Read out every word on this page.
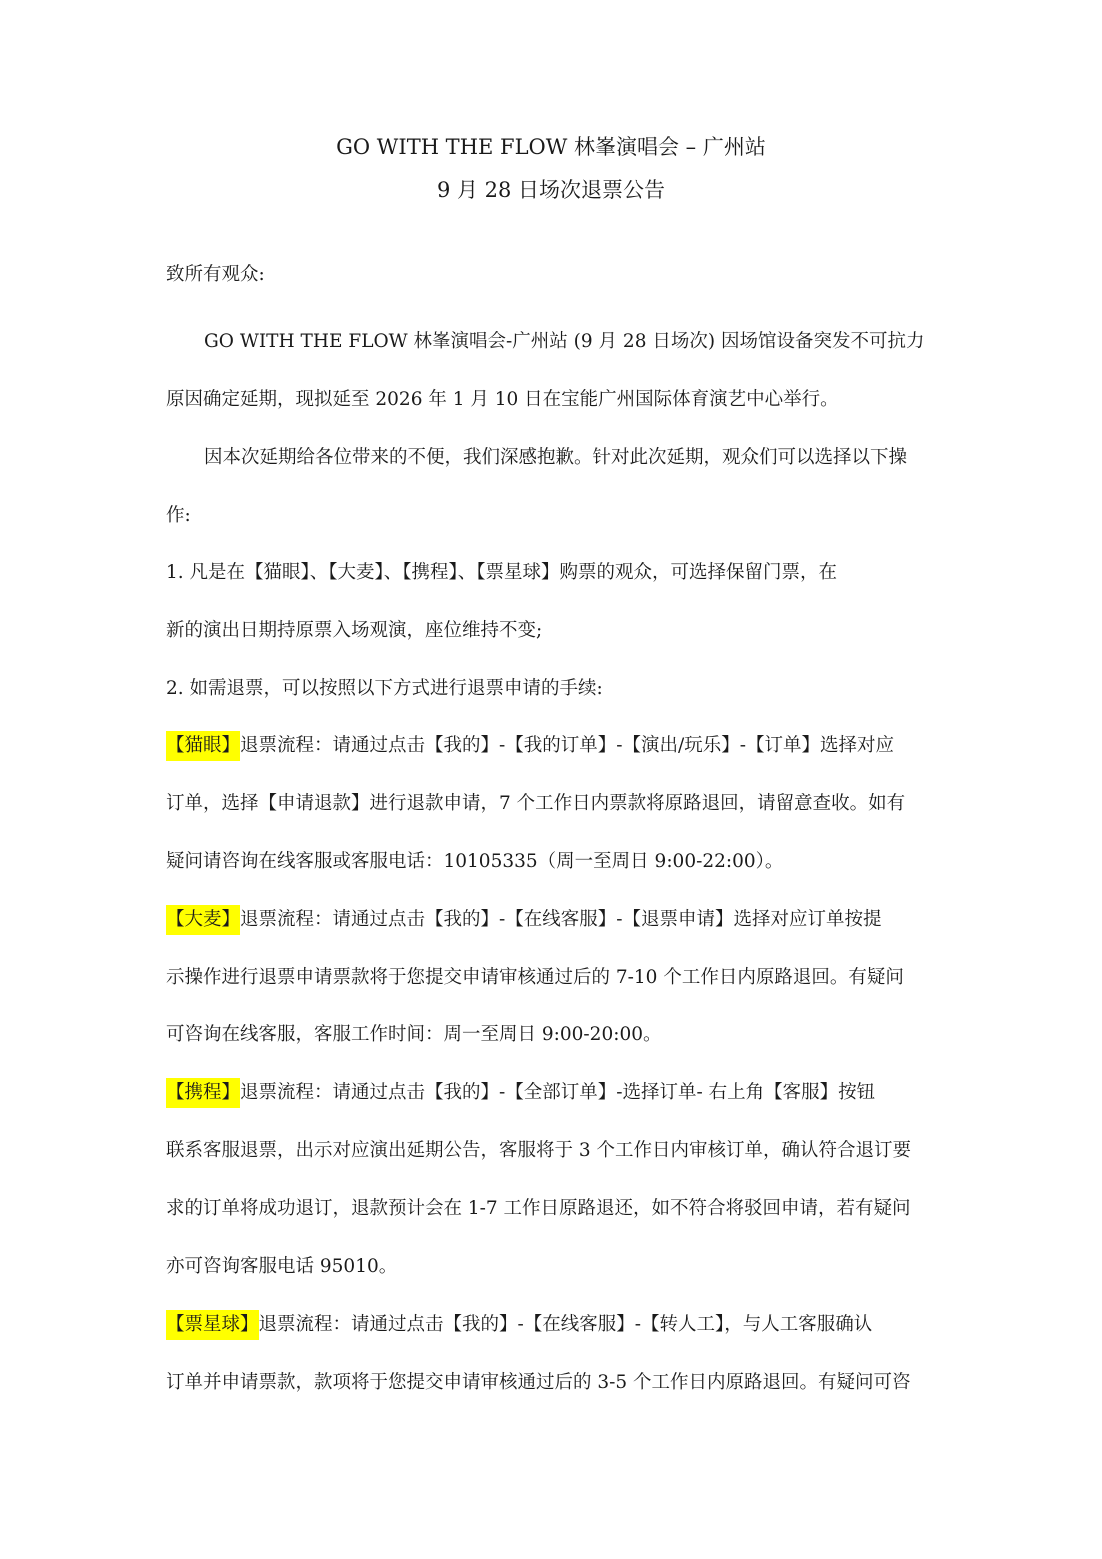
GO WITH THE FLOW 林峯演唱会 – 广州站
9 月 28 日场次退票公告
致所有观众:
GO WITH THE FLOW 林峯演唱会-广州站 (9 月 28 日场次) 因场馆设备突发不可抗力
原因确定延期，现拟延至 2026 年 1 月 10 日在宝能广州国际体育演艺中心举行。
因本次延期给各位带来的不便，我们深感抱歉。针对此次延期，观众们可以选择以下操
作:
1. 凡是在【猫眼】、【大麦】、【携程】、【票星球】购票的观众，可选择保留门票，在
新的演出日期持原票入场观演，座位维持不变;
2. 如需退票，可以按照以下方式进行退票申请的手续:
【猫眼】退票流程：请通过点击【我的】-【我的订单】-【演出/玩乐】-【订单】选择对应
订单，选择【申请退款】进行退款申请，7 个工作日内票款将原路退回，请留意查收。如有
疑问请咨询在线客服或客服电话：10105335（周一至周日 9:00-22:00）。
【大麦】退票流程：请通过点击【我的】-【在线客服】-【退票申请】选择对应订单按提
示操作进行退票申请票款将于您提交申请审核通过后的 7-10 个工作日内原路退回。有疑问
可咨询在线客服，客服工作时间：周一至周日 9:00-20:00。
【携程】退票流程：请通过点击【我的】-【全部订单】-选择订单- 右上角【客服】按钮
联系客服退票，出示对应演出延期公告，客服将于 3 个工作日内审核订单，确认符合退订要
求的订单将成功退订，退款预计会在 1-7 工作日原路退还，如不符合将驳回申请，若有疑问
亦可咨询客服电话 95010。
【票星球】退票流程：请通过点击【我的】-【在线客服】-【转人工】，与人工客服确认
订单并申请票款，款项将于您提交申请审核通过后的 3-5 个工作日内原路退回。有疑问可咨
